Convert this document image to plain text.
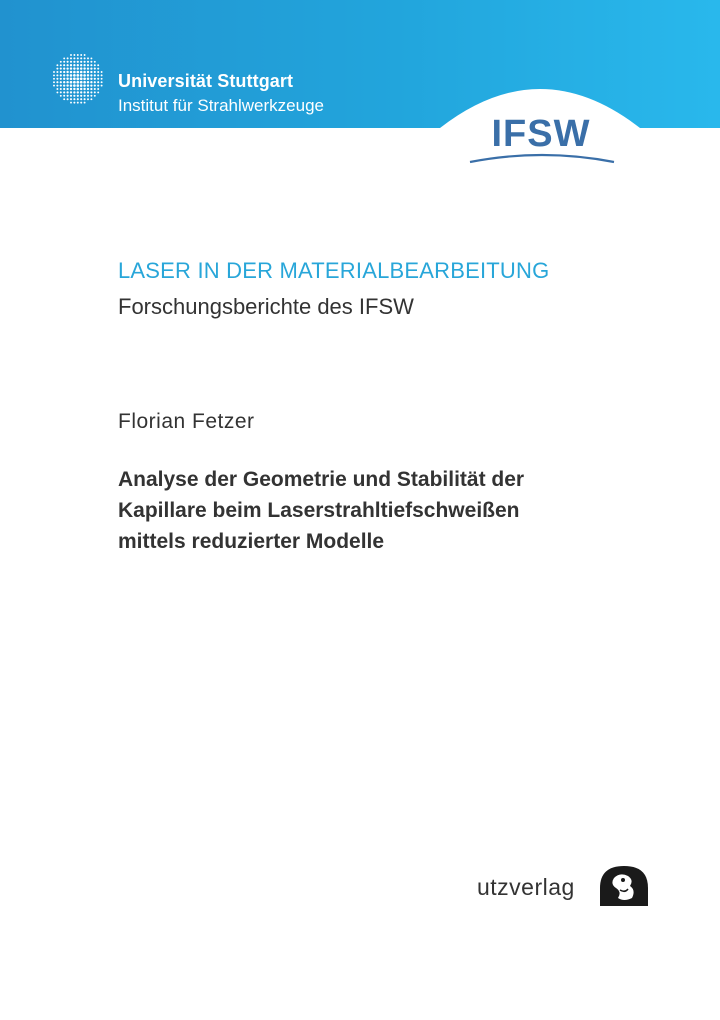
Universität Stuttgart
Institut für Strahlwerkzeuge
IFSW
LASER IN DER MATERIALBEARBEITUNG
Forschungsberichte des IFSW
Florian Fetzer
Analyse der Geometrie und Stabilität der
Kapillare beim Laserstrahltiefschweißen
mittels reduzierter Modelle
utzverlag
